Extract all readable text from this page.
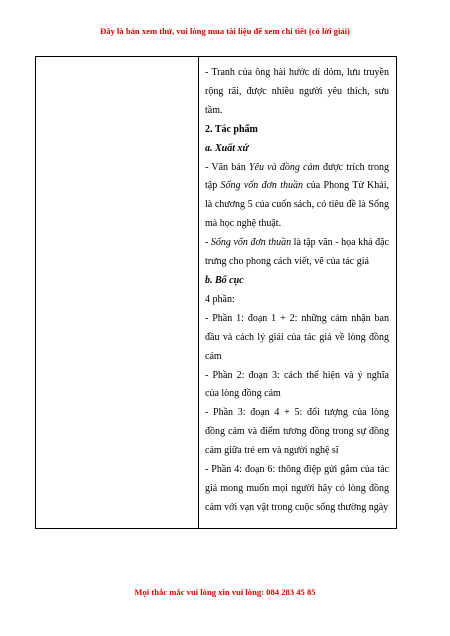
Đây là bản xem thử, vui lòng mua tài liệu để xem chi tiết (có lời giải)

- Tranh của ông hài hước dí dỏm, lưu truyền rộng rãi, được nhiều người yêu thích, sưu tầm.

2. Tác phẩm

a. Xuất xứ

- Văn bản Yêu và đồng cảm được trích trong tập Sống vốn đơn thuần của Phong Tử Khải, là chương 5 của cuốn sách, có tiêu đề là Sống mà học nghệ thuật.

- Sống vốn đơn thuần là tập văn - họa khá đặc trưng cho phong cách viết, vẽ của tác giả

b. Bố cục

4 phần:

- Phần 1: đoạn 1 + 2: những cảm nhận ban đầu và cách lý giải của tác giả về lòng đồng cảm

- Phần 2: đoạn 3: cách thể hiện và ý nghĩa của lòng đồng cảm

- Phần 3: đoạn 4 + 5: đối tượng của lòng đồng cảm và điểm tương đồng trong sự đồng cảm giữa trẻ em và người nghệ sĩ

- Phần 4: đoạn 6: thông điệp gửi gắm của tác giả mong muốn mọi người hãy có lòng đồng cảm với vạn vật trong cuộc sống thường ngày

Mọi thắc mắc vui lòng xin vui lòng: 084 283 45 85
